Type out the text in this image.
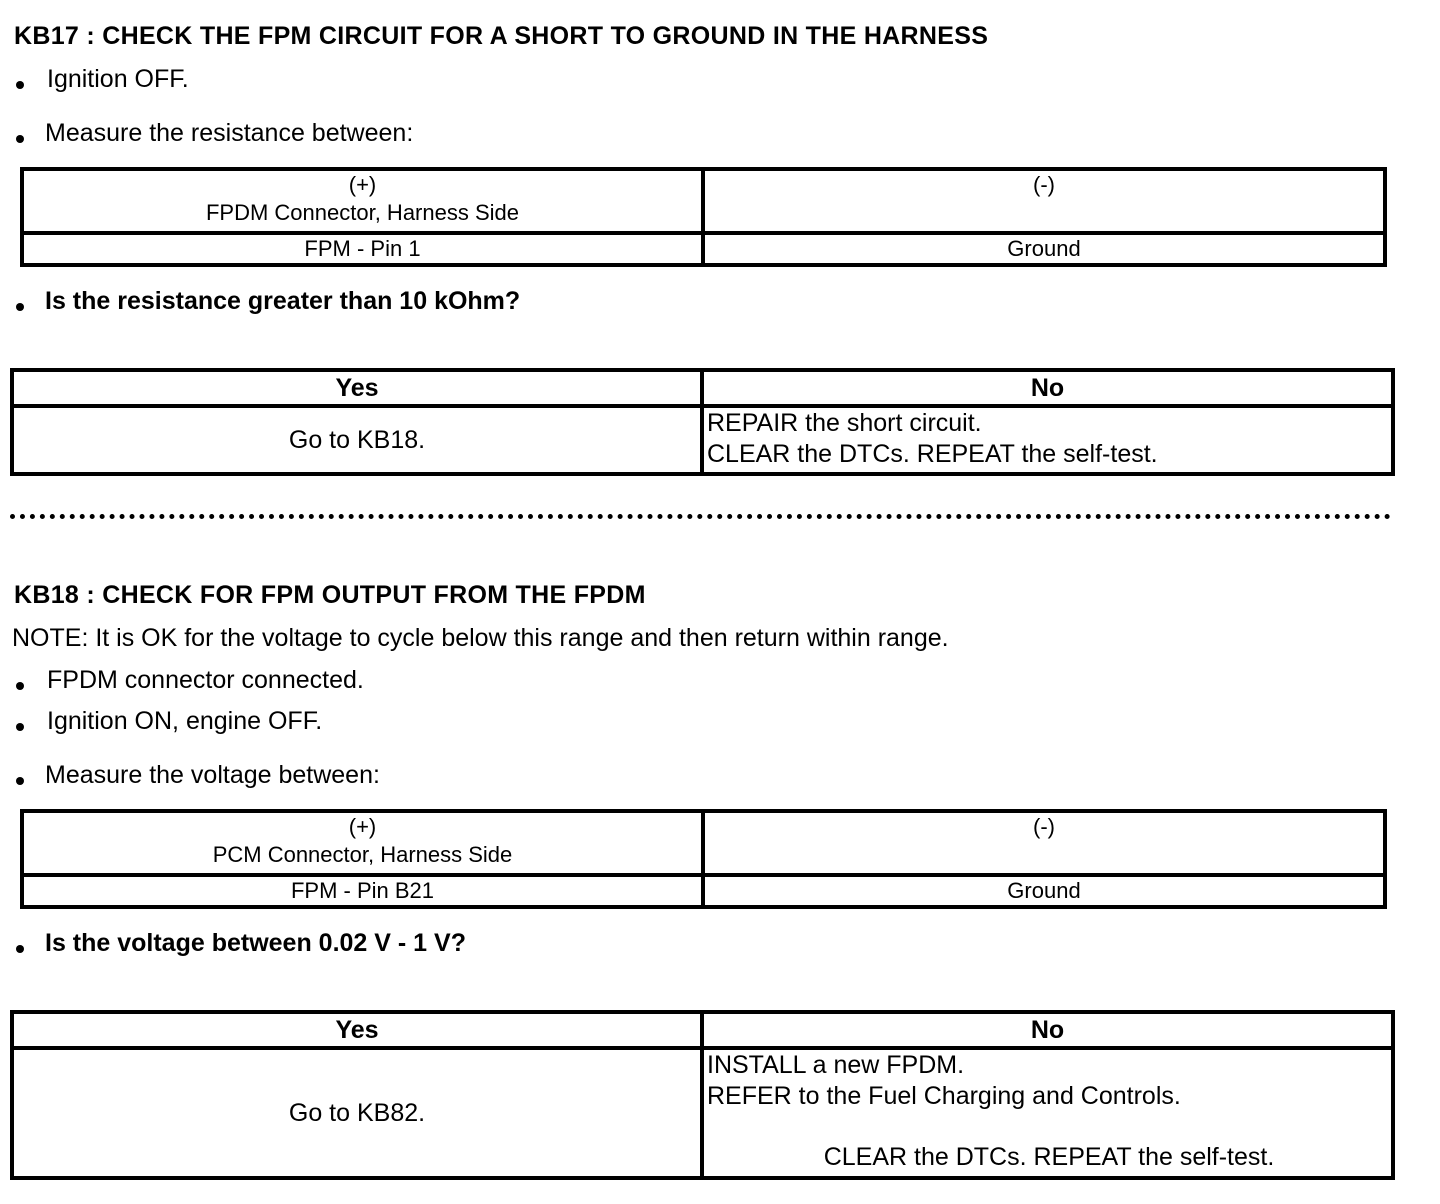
KB17 : CHECK THE FPM CIRCUIT FOR A SHORT TO GROUND IN THE HARNESS
Ignition OFF.
Measure the resistance between:
(+)
FPDM Connector, Harness Side	(-)

FPM - Pin 1	Ground
Is the resistance greater than 10 kOhm?
Yes	No
Go to KB18.	REPAIR the short circuit.
CLEAR the DTCs. REPEAT the self-test.
KB18 : CHECK FOR FPM OUTPUT FROM THE FPDM
NOTE: It is OK for the voltage to cycle below this range and then return within range.
FPDM connector connected.
Ignition ON, engine OFF.
Measure the voltage between:
(+)
PCM Connector, Harness Side	(-)

FPM - Pin B21	Ground
Is the voltage between 0.02 V - 1 V?
Yes	No
Go to KB82.	INSTALL a new FPDM.
REFER to the Fuel Charging and Controls.
CLEAR the DTCs. REPEAT the self-test.
